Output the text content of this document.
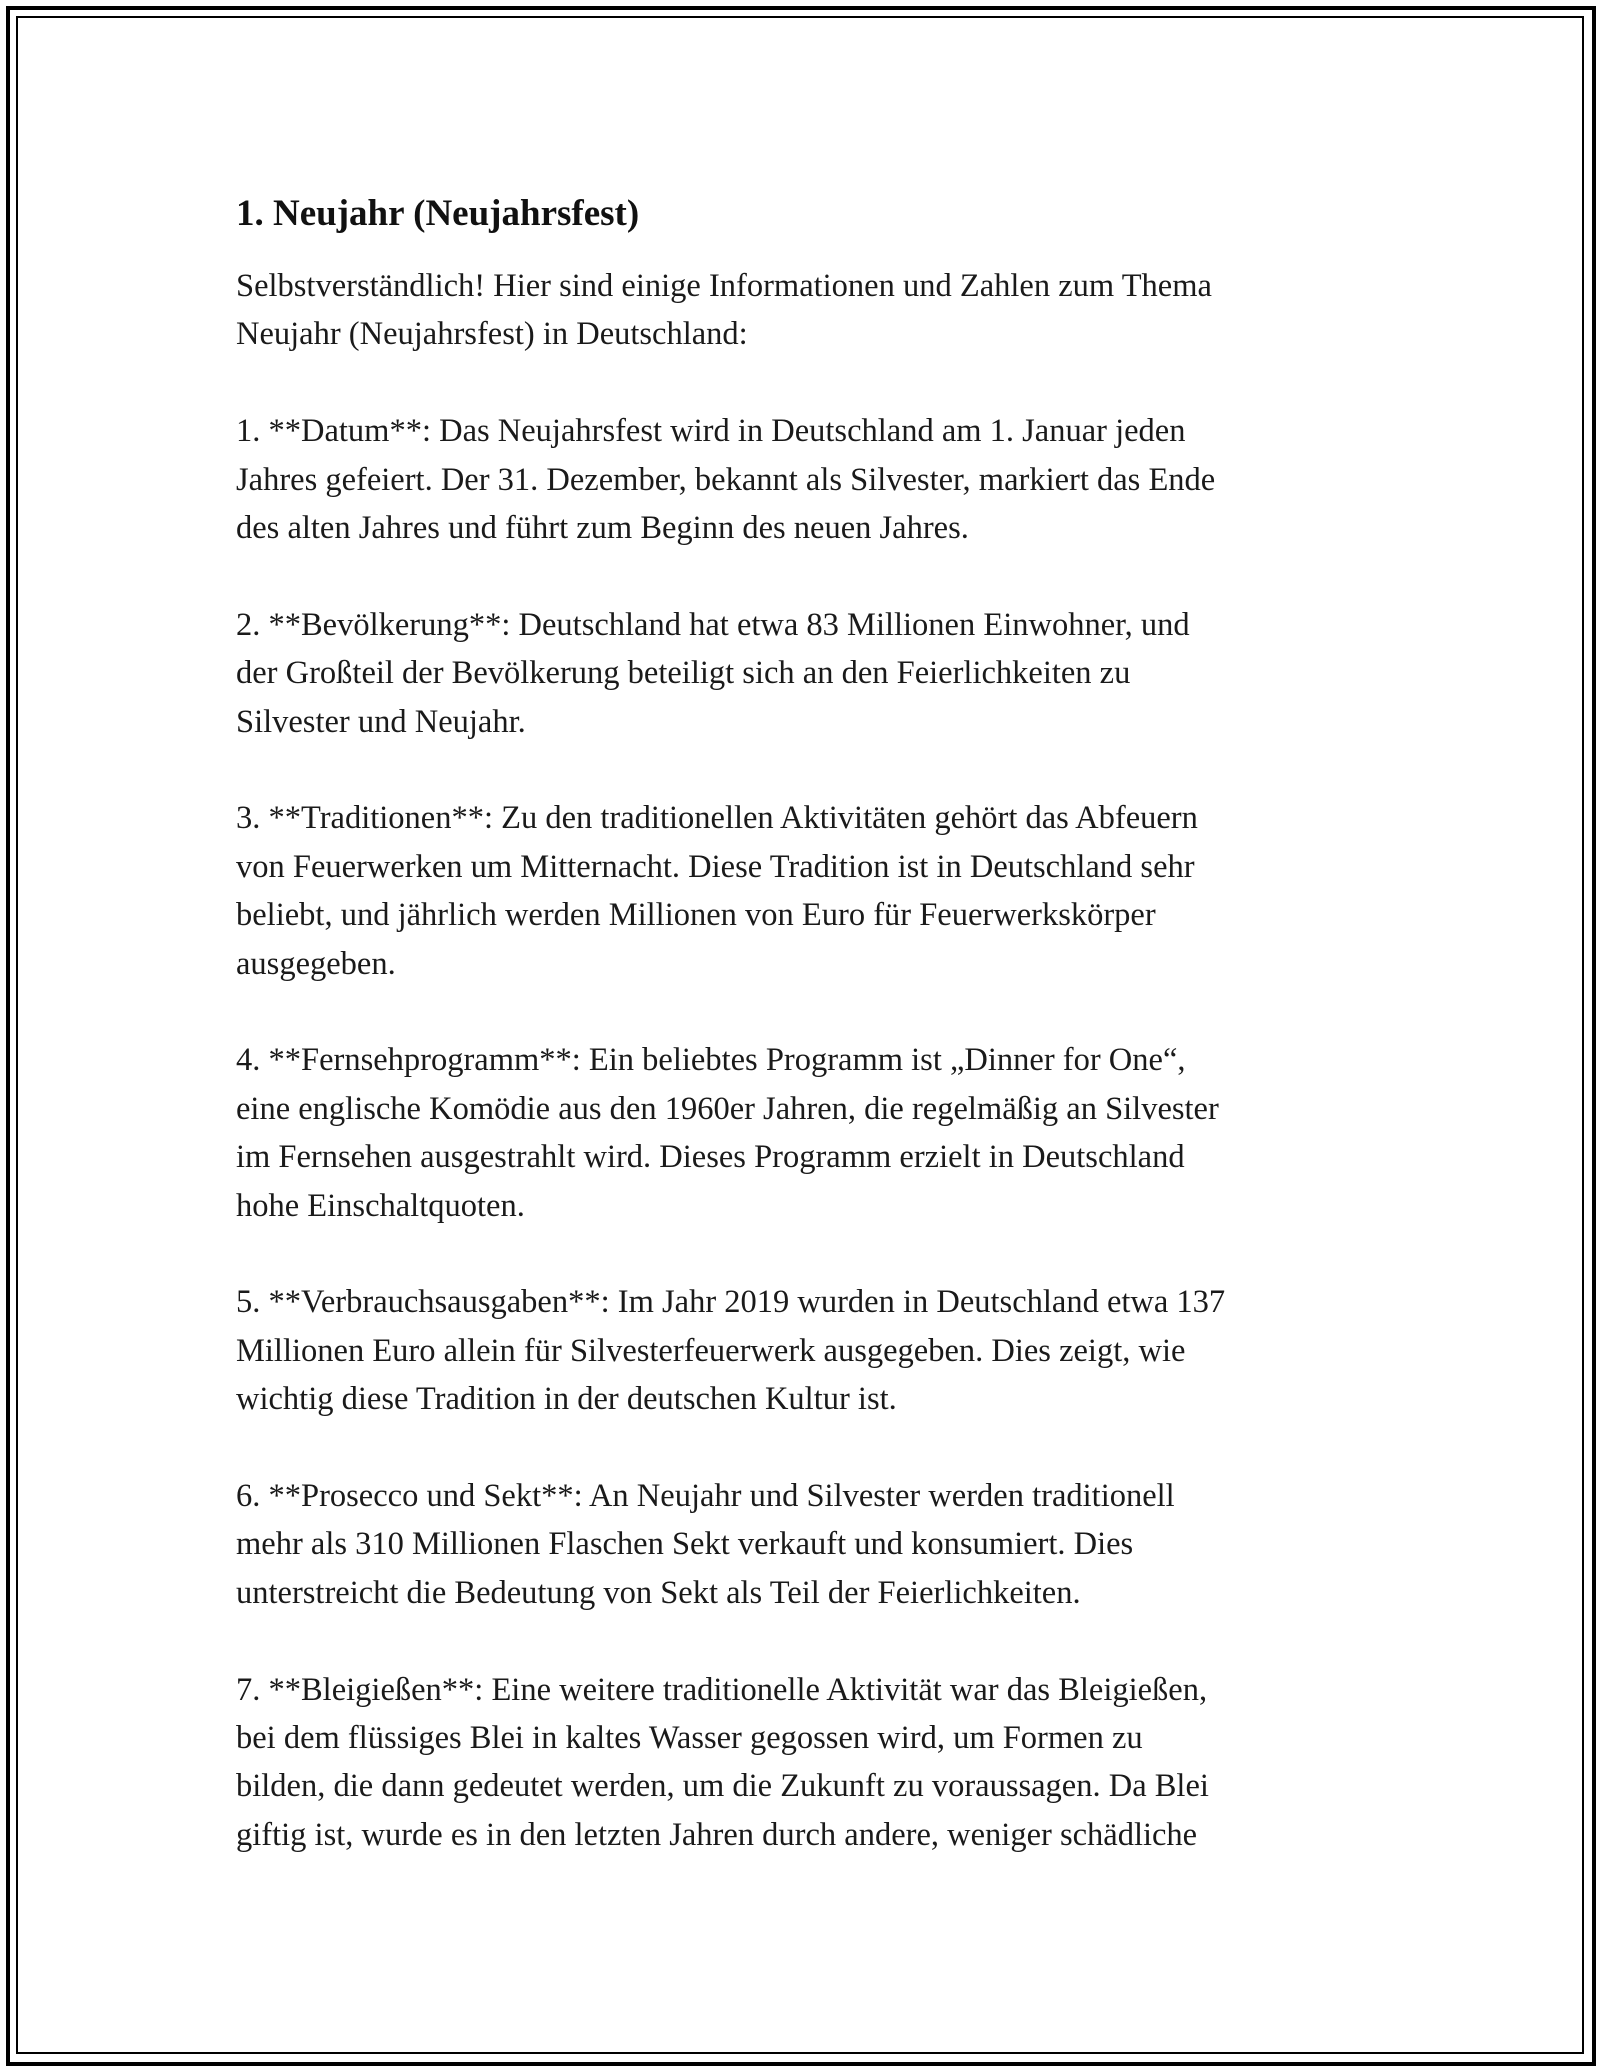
1. Neujahr (Neujahrsfest)
Selbstverständlich! Hier sind einige Informationen und Zahlen zum Thema
Neujahr (Neujahrsfest) in Deutschland:
1. **Datum**: Das Neujahrsfest wird in Deutschland am 1. Januar jeden
Jahres gefeiert. Der 31. Dezember, bekannt als Silvester, markiert das Ende
des alten Jahres und führt zum Beginn des neuen Jahres.
2. **Bevölkerung**: Deutschland hat etwa 83 Millionen Einwohner, und
der Großteil der Bevölkerung beteiligt sich an den Feierlichkeiten zu
Silvester und Neujahr.
3. **Traditionen**: Zu den traditionellen Aktivitäten gehört das Abfeuern
von Feuerwerken um Mitternacht. Diese Tradition ist in Deutschland sehr
beliebt, und jährlich werden Millionen von Euro für Feuerwerkskörper
ausgegeben.
4. **Fernsehprogramm**: Ein beliebtes Programm ist „Dinner for One“,
eine englische Komödie aus den 1960er Jahren, die regelmäßig an Silvester
im Fernsehen ausgestrahlt wird. Dieses Programm erzielt in Deutschland
hohe Einschaltquoten.
5. **Verbrauchsausgaben**: Im Jahr 2019 wurden in Deutschland etwa 137
Millionen Euro allein für Silvesterfeuerwerk ausgegeben. Dies zeigt, wie
wichtig diese Tradition in der deutschen Kultur ist.
6. **Prosecco und Sekt**: An Neujahr und Silvester werden traditionell
mehr als 310 Millionen Flaschen Sekt verkauft und konsumiert. Dies
unterstreicht die Bedeutung von Sekt als Teil der Feierlichkeiten.
7. **Bleigießen**: Eine weitere traditionelle Aktivität war das Bleigießen,
bei dem flüssiges Blei in kaltes Wasser gegossen wird, um Formen zu
bilden, die dann gedeutet werden, um die Zukunft zu voraussagen. Da Blei
giftig ist, wurde es in den letzten Jahren durch andere, weniger schädliche
